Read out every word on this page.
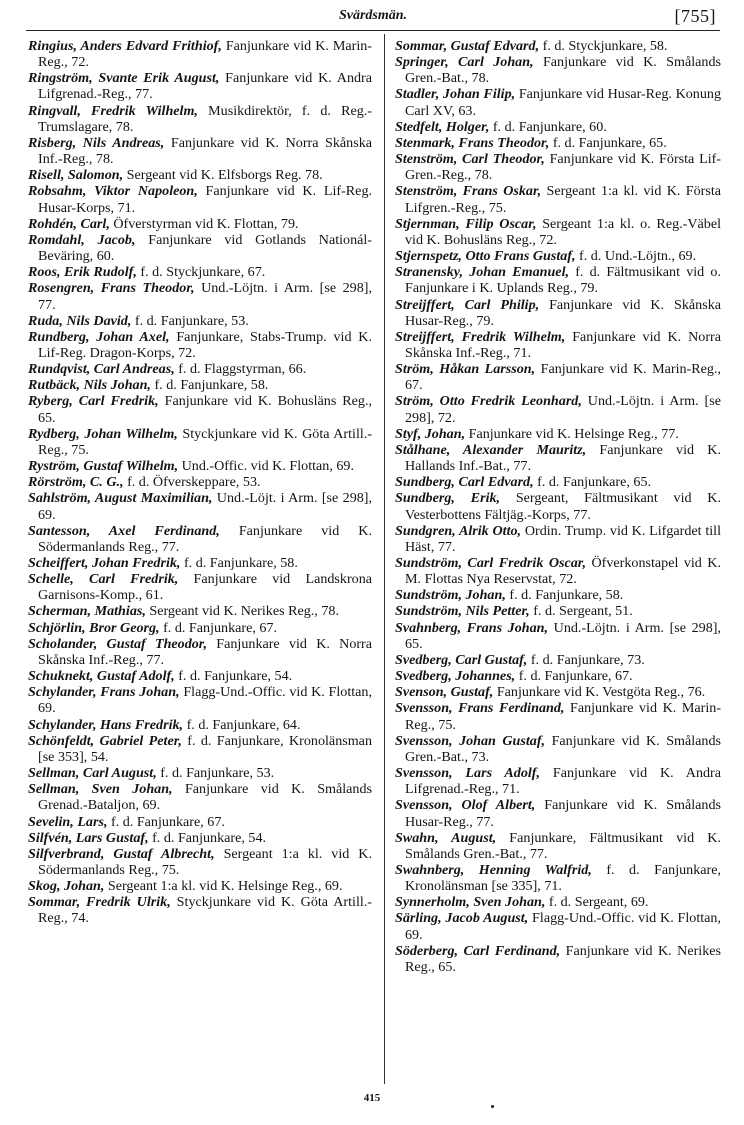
Svärdsmän.	[755]

Ringius, Anders Edvard Frithiof, Fanjunkare vid K. Marin-Reg., 72.

Ringström, Svante Erik August, Fanjunkare vid K. Andra Lifgrenad.-Reg., 77.

Ringvall, Fredrik Wilhelm, Musikdirektör, f. d. Reg.-Trumslagare, 78.

Risberg, Nils Andreas, Fanjunkare vid K. Norra Skånska Inf.-Reg., 78.

Risell, Salomon, Sergeant vid K. Elfsborgs Reg. 78.

Robsahm, Viktor Napoleon, Fanjunkare vid K. Lif-Reg. Husar-Korps, 71.

Rohdén, Carl, Öfverstyrman vid K. Flottan, 79.

Romdahl, Jacob, Fanjunkare vid Gotlands Nationál-Beväring, 60.

Roos, Erik Rudolf, f. d. Styckjunkare, 67.

Rosengren, Frans Theodor, Und.-Löjtn. i Arm. [se 298], 77.

Ruda, Nils David, f. d. Fanjunkare, 53.

Rundberg, Johan Axel, Fanjunkare, Stabs-Trump. vid K. Lif-Reg. Dragon-Korps, 72.

Rundqvist, Carl Andreas, f. d. Flaggstyrman, 66.

Rutbäck, Nils Johan, f. d. Fanjunkare, 58.

Ryberg, Carl Fredrik, Fanjunkare vid K. Bohusläns Reg., 65.

Rydberg, Johan Wilhelm, Styckjunkare vid K. Göta Artill.-Reg., 75.

Ryström, Gustaf Wilhelm, Und.-Offic. vid K. Flottan, 69.

Rörström, C. G., f. d. Öfverskeppare, 53.

Sahlström, August Maximilian, Und.-Löjt. i Arm. [se 298], 69.

Santesson, Axel Ferdinand, Fanjunkare vid K. Södermanlands Reg., 77.

Scheiffert, Johan Fredrik, f. d. Fanjunkare, 58.

Schelle, Carl Fredrik, Fanjunkare vid Landskrona Garnisons-Komp., 61.

Scherman, Mathias, Sergeant vid K. Nerikes Reg., 78.

Schjörlin, Bror Georg, f. d. Fanjunkare, 67.

Scholander, Gustaf Theodor, Fanjunkare vid K. Norra Skånska Inf.-Reg., 77.

Schuknekt, Gustaf Adolf, f. d. Fanjunkare, 54.

Schylander, Frans Johan, Flagg-Und.-Offic. vid K. Flottan, 69.

Schylander, Hans Fredrik, f. d. Fanjunkare, 64.

Schönfeldt, Gabriel Peter, f. d. Fanjunkare, Kronolänsman [se 353], 54.

Sellman, Carl August, f. d. Fanjunkare, 53.

Sellman, Sven Johan, Fanjunkare vid K. Smålands Grenad.-Bataljon, 69.

Sevelin, Lars, f. d. Fanjunkare, 67.

Silfvén, Lars Gustaf, f. d. Fanjunkare, 54.

Silfverbrand, Gustaf Albrecht, Sergeant 1:a kl. vid K. Södermanlands Reg., 75.

Skog, Johan, Sergeant 1:a kl. vid K. Helsinge Reg., 69.

Sommar, Fredrik Ulrik, Styckjunkare vid K. Göta Artill.-Reg., 74.

Sommar, Gustaf Edvard, f. d. Styckjunkare, 58.

Springer, Carl Johan, Fanjunkare vid K. Smålands Gren.-Bat., 78.

Stadler, Johan Filip, Fanjunkare vid Husar-Reg. Konung Carl XV, 63.

Stedfelt, Holger, f. d. Fanjunkare, 60.

Stenmark, Frans Theodor, f. d. Fanjunkare, 65.

Stenström, Carl Theodor, Fanjunkare vid K. Första Lif-Gren.-Reg., 78.

Stenström, Frans Oskar, Sergeant 1:a kl. vid K. Första Lifgren.-Reg., 75.

Stjernman, Filip Oscar, Sergeant 1:a kl. o. Reg.-Väbel vid K. Bohusläns Reg., 72.

Stjernspetz, Otto Frans Gustaf, f. d. Und.-Löjtn., 69.

Stranensky, Johan Emanuel, f. d. Fältmusikant vid o. Fanjunkare i K. Uplands Reg., 79.

Streijffert, Carl Philip, Fanjunkare vid K. Skånska Husar-Reg., 79.

Streijffert, Fredrik Wilhelm, Fanjunkare vid K. Norra Skånska Inf.-Reg., 71.

Ström, Håkan Larsson, Fanjunkare vid K. Marin-Reg., 67.

Ström, Otto Fredrik Leonhard, Und.-Löjtn. i Arm. [se 298], 72.

Styf, Johan, Fanjunkare vid K. Helsinge Reg., 77.

Stålhane, Alexander Mauritz, Fanjunkare vid K. Hallands Inf.-Bat., 77.

Sundberg, Carl Edvard, f. d. Fanjunkare, 65.

Sundberg, Erik, Sergeant, Fältmusikant vid K. Vesterbottens Fältjäg.-Korps, 77.

Sundgren, Alrik Otto, Ordin. Trump. vid K. Lifgardet till Häst, 77.

Sundström, Carl Fredrik Oscar, Öfverkonstapel vid K. M. Flottas Nya Reservstat, 72.

Sundström, Johan, f. d. Fanjunkare, 58.

Sundström, Nils Petter, f. d. Sergeant, 51.

Svahnberg, Frans Johan, Und.-Löjtn. i Arm. [se 298], 65.

Svedberg, Carl Gustaf, f. d. Fanjunkare, 73.

Svedberg, Johannes, f. d. Fanjunkare, 67.

Svenson, Gustaf, Fanjunkare vid K. Vestgöta Reg., 76.

Svensson, Frans Ferdinand, Fanjunkare vid K. Marin-Reg., 75.

Svensson, Johan Gustaf, Fanjunkare vid K. Smålands Gren.-Bat., 73.

Svensson, Lars Adolf, Fanjunkare vid K. Andra Lifgrenad.-Reg., 71.

Svensson, Olof Albert, Fanjunkare vid K. Smålands Husar-Reg., 77.

Swahn, August, Fanjunkare, Fältmusikant vid K. Smålands Gren.-Bat., 77.

Swahnberg, Henning Walfrid, f. d. Fanjunkare, Kronolänsman [se 335], 71.

Synnerholm, Sven Johan, f. d. Sergeant, 69.

Särling, Jacob August, Flagg-Und.-Offic. vid K. Flottan, 69.

Söderberg, Carl Ferdinand, Fanjunkare vid K. Nerikes Reg., 65.

415
